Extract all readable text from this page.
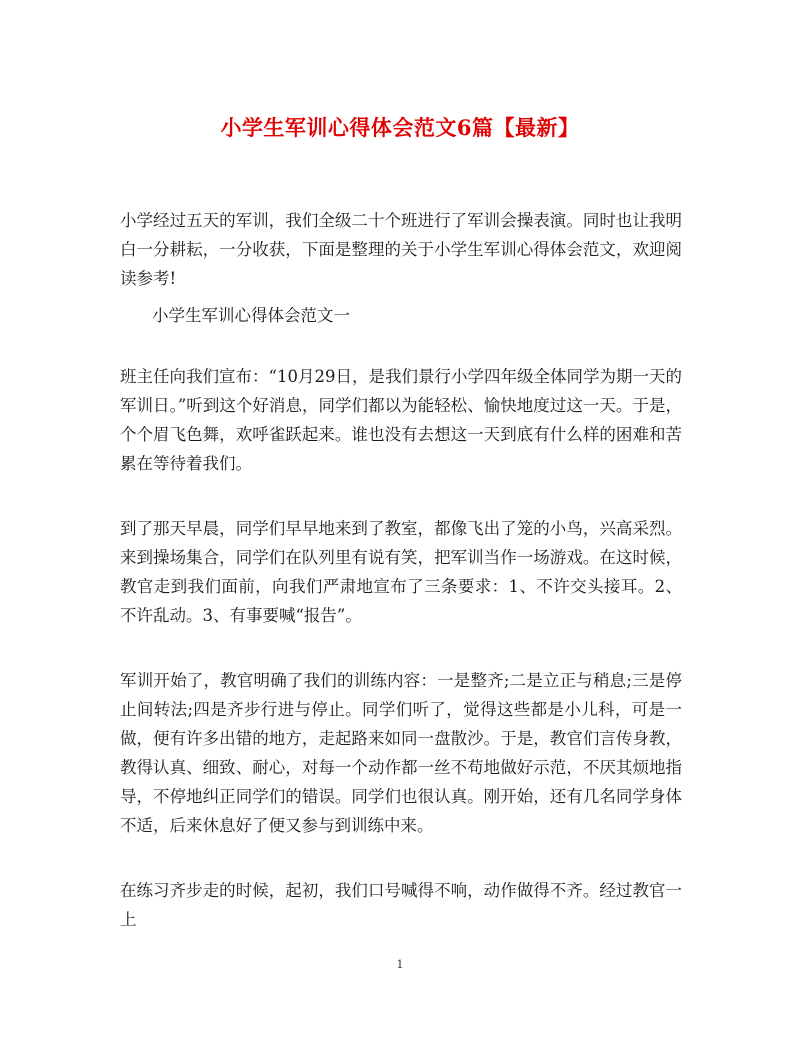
小学生军训心得体会范文6篇【最新】

小学经过五天的军训，我们全级二十个班进行了军训会操表演。同时也让我明白一分耕耘，一分收获，下面是整理的关于小学生军训心得体会范文，欢迎阅读参考!

小学生军训心得体会范文一

班主任向我们宣布：“10月29日，是我们景行小学四年级全体同学为期一天的军训日。”听到这个好消息，同学们都以为能轻松、愉快地度过这一天。于是，个个眉飞色舞，欢呼雀跃起来。谁也没有去想这一天到底有什么样的困难和苦累在等待着我们。

到了那天早晨，同学们早早地来到了教室，都像飞出了笼的小鸟，兴高采烈。来到操场集合，同学们在队列里有说有笑，把军训当作一场游戏。在这时候，教官走到我们面前，向我们严肃地宣布了三条要求：1、不许交头接耳。2、不许乱动。3、有事要喊“报告”。

军训开始了，教官明确了我们的训练内容：一是整齐;二是立正与稍息;三是停止间转法;四是齐步行进与停止。同学们听了，觉得这些都是小儿科，可是一做，便有许多出错的地方，走起路来如同一盘散沙。于是，教官们言传身教，教得认真、细致、耐心，对每一个动作都一丝不苟地做好示范，不厌其烦地指导，不停地纠正同学们的错误。同学们也很认真。刚开始，还有几名同学身体不适，后来休息好了便又参与到训练中来。

在练习齐步走的时候，起初，我们口号喊得不响，动作做得不齐。经过教官一上

1
